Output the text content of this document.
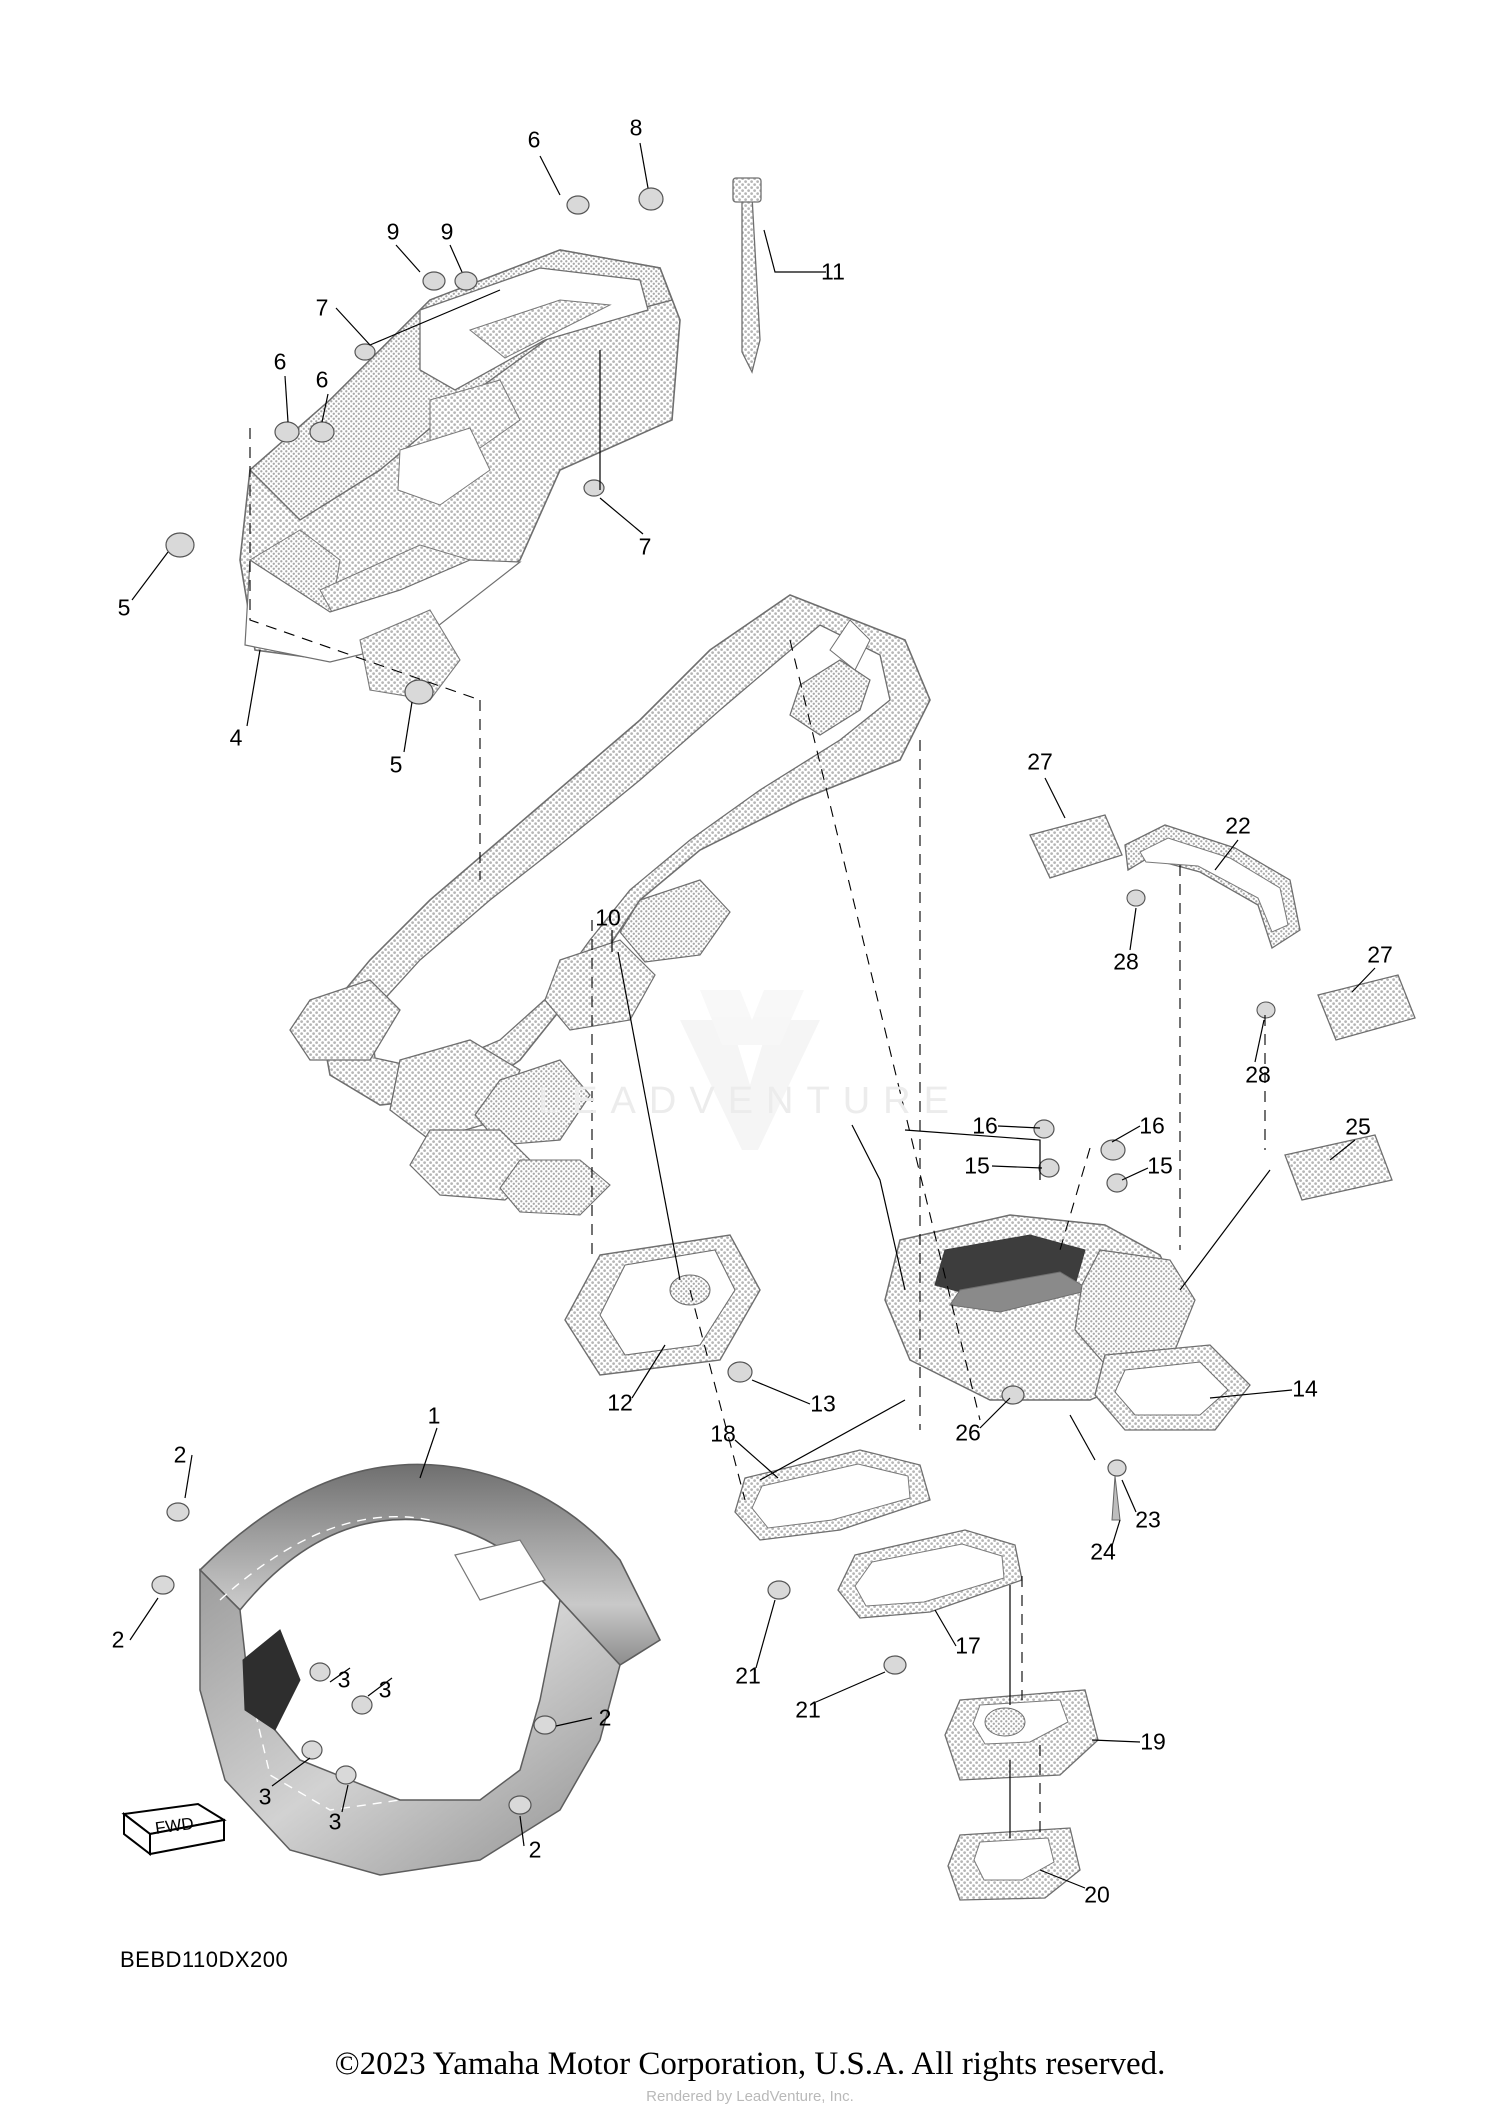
6	8
11
9 9
7
6
6
7
5
4
5	27
22
27
28
28
10
16	16
15	15
25
12	13
26
14
1
2
18
23
24
2
3 3
2
17
21
21
3
3
2
19
20
FWD
BEBD110DX200
LEADVENTURE
©2023 Yamaha Motor Corporation, U.S.A. All rights reserved.
Rendered by LeadVenture, Inc.
